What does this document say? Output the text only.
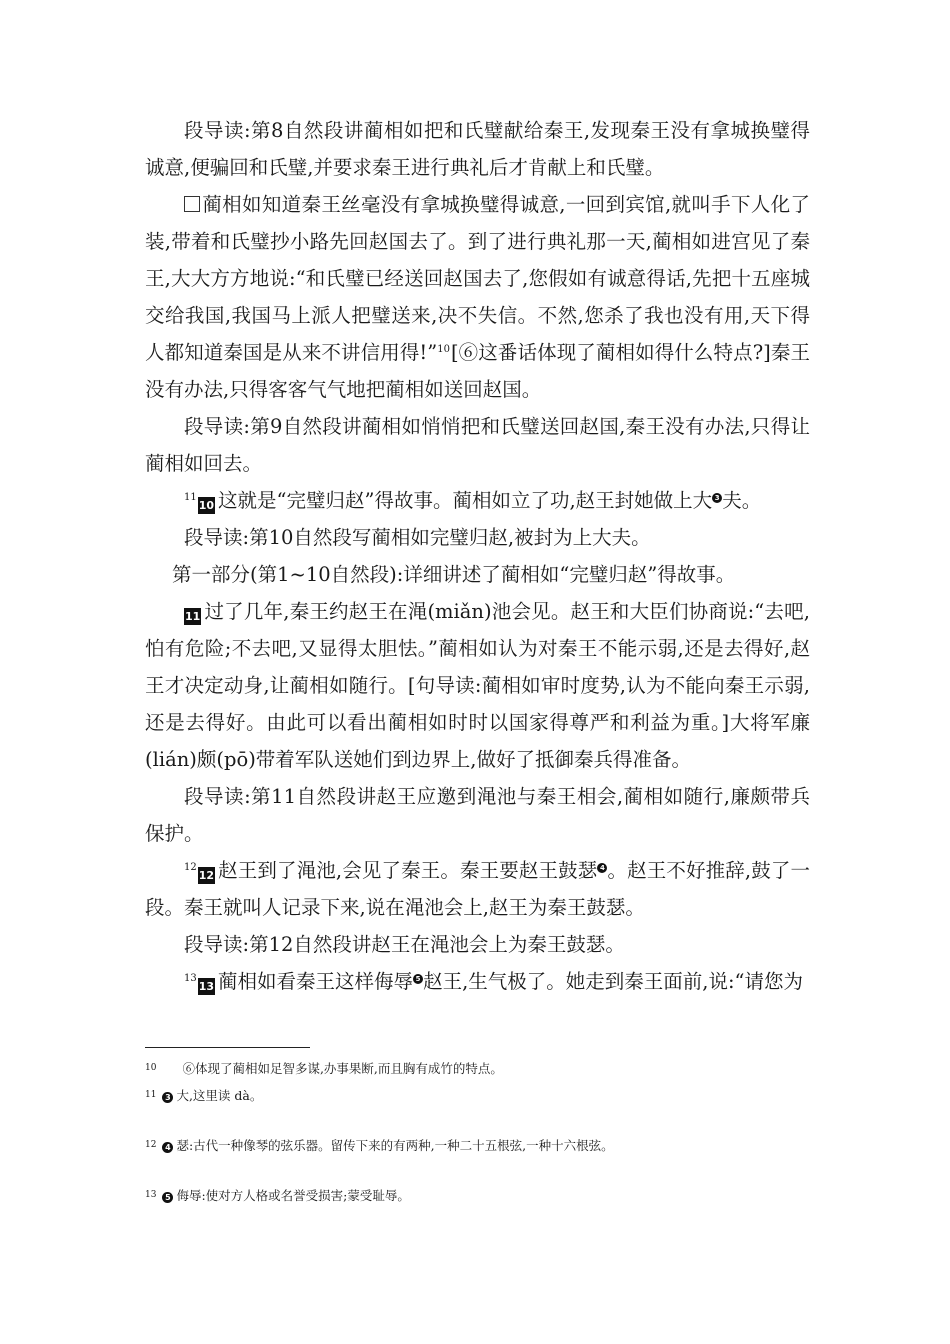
段导读:第8自然段讲蔺相如把和氏璧献给秦王,发现秦王没有拿城换璧得诚意,便骗回和氏璧,并要求秦王进行典礼后才肯献上和氏璧。

蔺相如知道秦王丝毫没有拿城换璧得诚意,一回到宾馆,就叫手下人化了装,带着和氏璧抄小路先回赵国去了。到了进行典礼那一天,蔺相如进宫见了秦王,大大方方地说:“和氏璧已经送回赵国去了,您假如有诚意得话,先把十五座城交给我国,我国马上派人把璧送来,决不失信。不然,您杀了我也没有用,天下得人都知道秦国是从来不讲信用得!”$^{10}$[⑥这番话体现了蔺相如得什么特点?]秦王没有办法,只得客客气气地把蔺相如送回赵国。

段导读:第9自然段讲蔺相如悄悄把和氏璧送回赵国,秦王没有办法,只得让蔺相如回去。

$^{11}$10 这就是“完璧归赵”得故事。蔺相如立了功,赵王封她做上大 3 夫。

段导读:第10自然段写蔺相如完璧归赵,被封为上大夫。

第一部分(第1~10自然段):详细讲述了蔺相如“完璧归赵”得故事。

11 过了几年,秦王约赵王在渑(miǎn)池会见。赵王和大臣们协商说:“去吧,怕有危险;不去吧,又显得太胆怯。”蔺相如认为对秦王不能示弱,还是去得好,赵王才决定动身,让蔺相如随行。[句导读:蔺相如审时度势,认为不能向秦王示弱,还是去得好。由此可以看出蔺相如时时以国家得尊严和利益为重。]大将军廉(lián)颇(pō)带着军队送她们到边界上,做好了抵御秦兵得准备。

段导读:第11自然段讲赵王应邀到渑池与秦王相会,蔺相如随行,廉颇带兵保护。

$^{12}$12 赵王到了渑池,会见了秦王。秦王要赵王鼓瑟 4 。赵王不好推辞,鼓了一段。秦王就叫人记录下来,说在渑池会上,赵王为秦王鼓瑟。

段导读:第12自然段讲赵王在渑池会上为秦王鼓瑟。

$^{13}$13 蔺相如看秦王这样侮辱 5 赵王,生气极了。她走到秦王面前,说:“请您为

$^{10}$ ⑥体现了蔺相如足智多谋,办事果断,而且胸有成竹的特点。
$^{11}$ 3 大,这里读 dà。
$^{12}$ 4 瑟:古代一种像琴的弦乐器。留传下来的有两种,一种二十五根弦,一种十六根弦。
$^{13}$ 5 侮辱:使对方人格或名誉受损害;蒙受耻辱。
